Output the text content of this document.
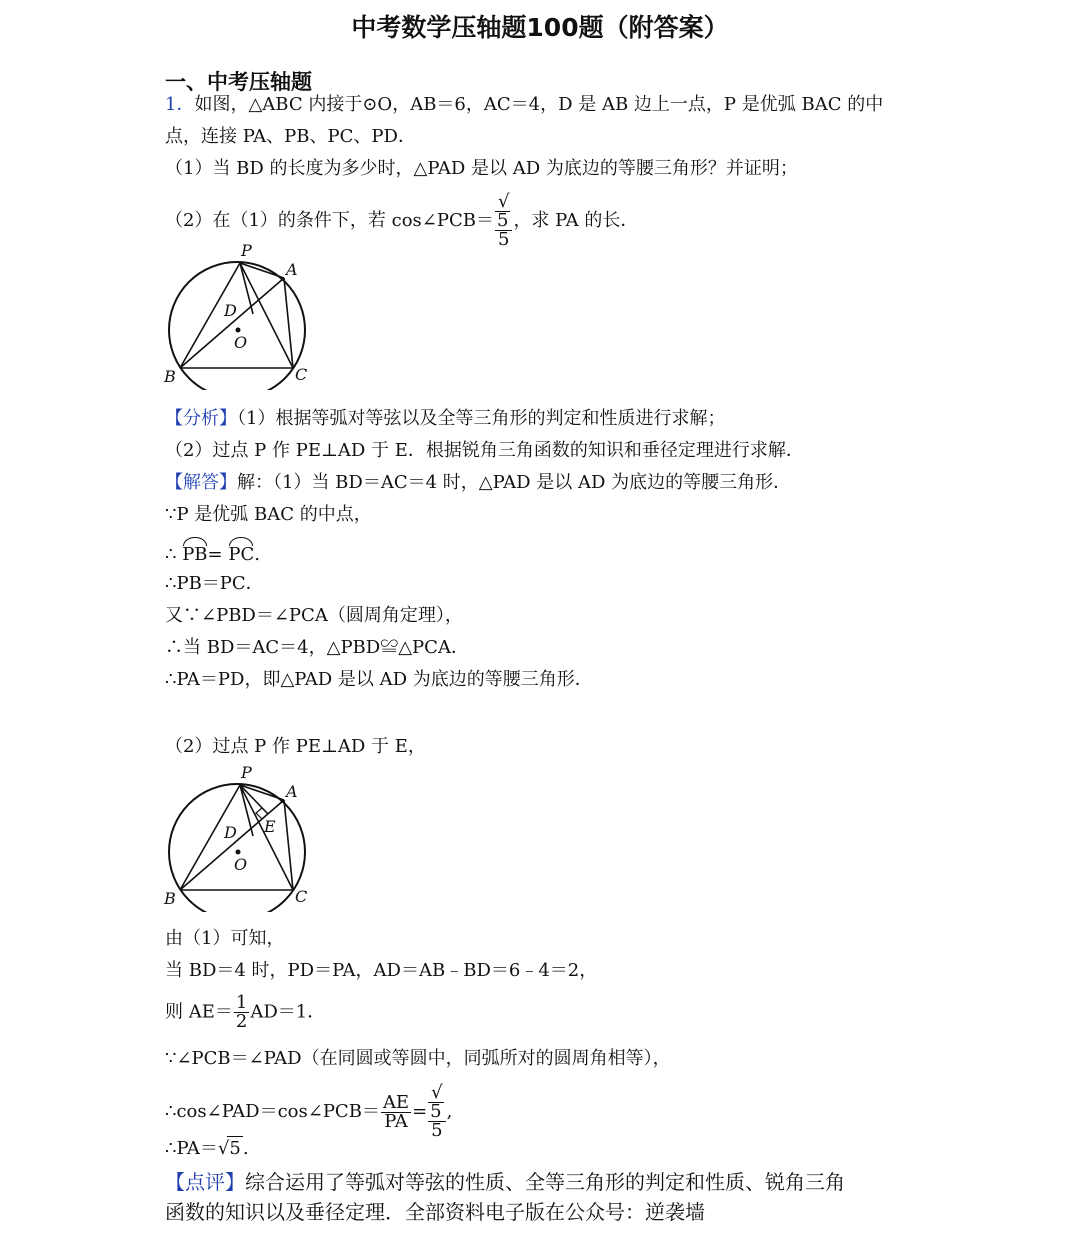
中考数学压轴题100题（附答案）
一、中考压轴题
1．如图，△ABC 内接于⊙O，AB＝6，AC＝4，D 是 AB 边上一点，P 是优弧 BAC 的中
点，连接 PA、PB、PC、PD．
（1）当 BD 的长度为多少时，△PAD 是以 AD 为底边的等腰三角形？并证明；
（2）在（1）的条件下，若 cos∠PCB＝ √
5
5 ，求 PA 的长．
P
A
D
O
B	C
【分析】（1）根据等弧对等弦以及全等三角形的判定和性质进行求解；
（2）过点 P 作 PE⊥AD 于 E．根据锐角三角函数的知识和垂径定理进行求解．
【解答】解：（1）当 BD＝AC＝4 时，△PAD 是以 AD 为底边的等腰三角形．
∵P 是优弧 BAC 的中点，
∴ PB= PC.
∴PB＝PC．
又∵∠PBD＝∠PCA（圆周角定理），
∴当 BD＝AC＝4，△PBD≌△PCA．
∴PA＝PD，即△PAD 是以 AD 为底边的等腰三角形．
（2）过点 P 作 PE⊥AD 于 E，
P
A
D E
O
B	C
由（1）可知，
当 BD＝4 时，PD＝PA，AD＝AB﹣BD＝6﹣4＝2，
则 $AE= \frac{1}{2} AD=1$．
∵∠PCB＝∠PAD（在同圆或等圆中，同弧所对的圆周角相等），
∴cos∠PAD＝cos∠PCB＝ $\frac{AE}{PA}$ = √
5
5 ,
∴PA＝√5 .
【点评】综合运用了等弧对等弦的性质、全等三角形的判定和性质、锐角三角
函数的知识以及垂径定理．全部资料电子版在公众号：逆袭墙
